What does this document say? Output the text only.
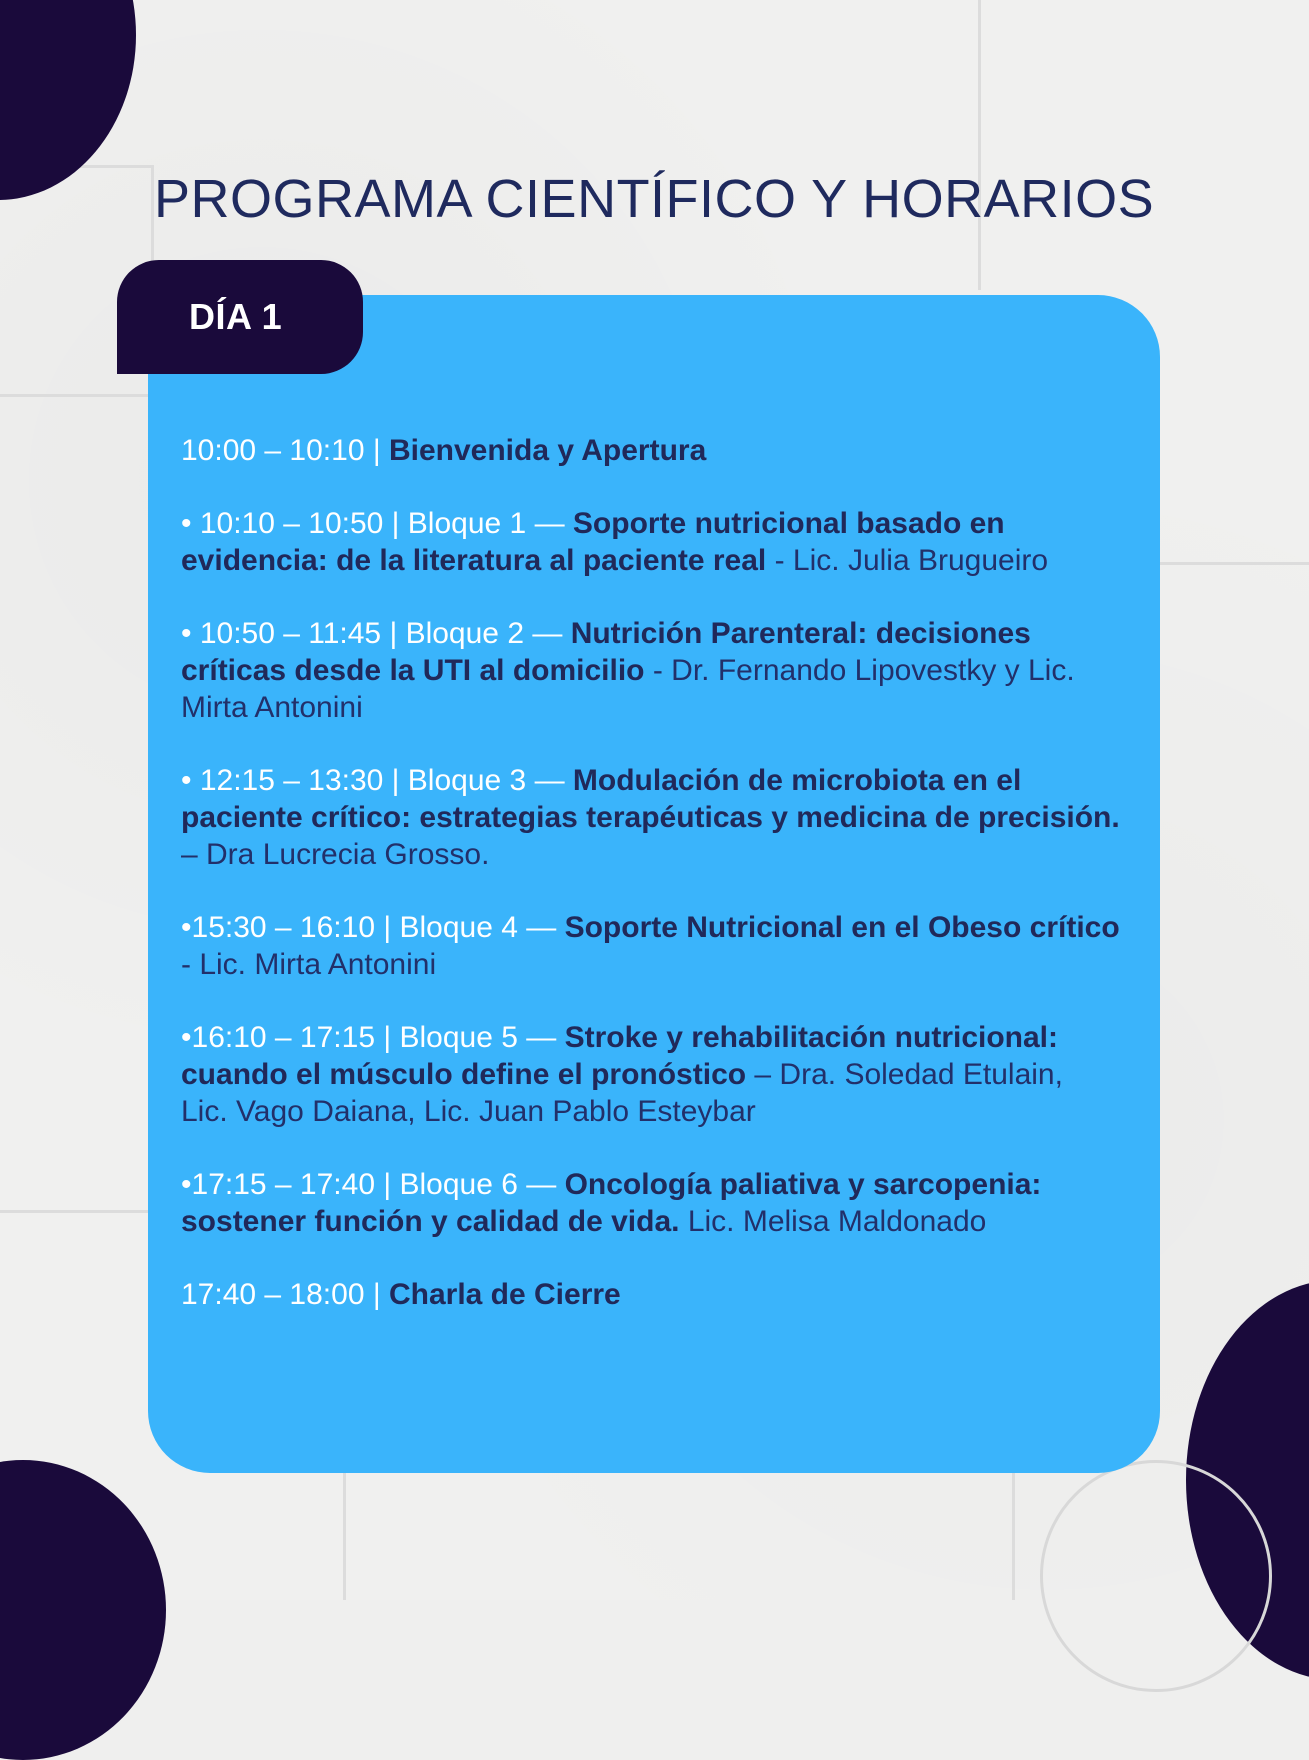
PROGRAMA CIENTÍFICO Y HORARIOS
DÍA 1
10:00 – 10:10 | Bienvenida y Apertura
• 10:10 – 10:50 | Bloque 1 — Soporte nutricional basado en evidencia: de la literatura al paciente real - Lic. Julia Brugueiro
• 10:50 – 11:45 | Bloque 2 — Nutrición Parenteral: decisiones críticas desde la UTI al domicilio - Dr. Fernando Lipovestky y Lic. Mirta Antonini
• 12:15 – 13:30 | Bloque 3 — Modulación de microbiota en el paciente crítico: estrategias terapéuticas y medicina de precisión. – Dra Lucrecia Grosso.
•15:30 – 16:10 | Bloque 4 — Soporte Nutricional en el Obeso crítico - Lic. Mirta Antonini
•16:10 – 17:15 | Bloque 5 — Stroke y rehabilitación nutricional: cuando el músculo define el pronóstico – Dra. Soledad Etulain,
Lic. Vago Daiana, Lic. Juan Pablo Esteybar
•17:15 – 17:40 | Bloque 6 — Oncología paliativa y sarcopenia: sostener función y calidad de vida. Lic. Melisa Maldonado
17:40 – 18:00 | Charla de Cierre
